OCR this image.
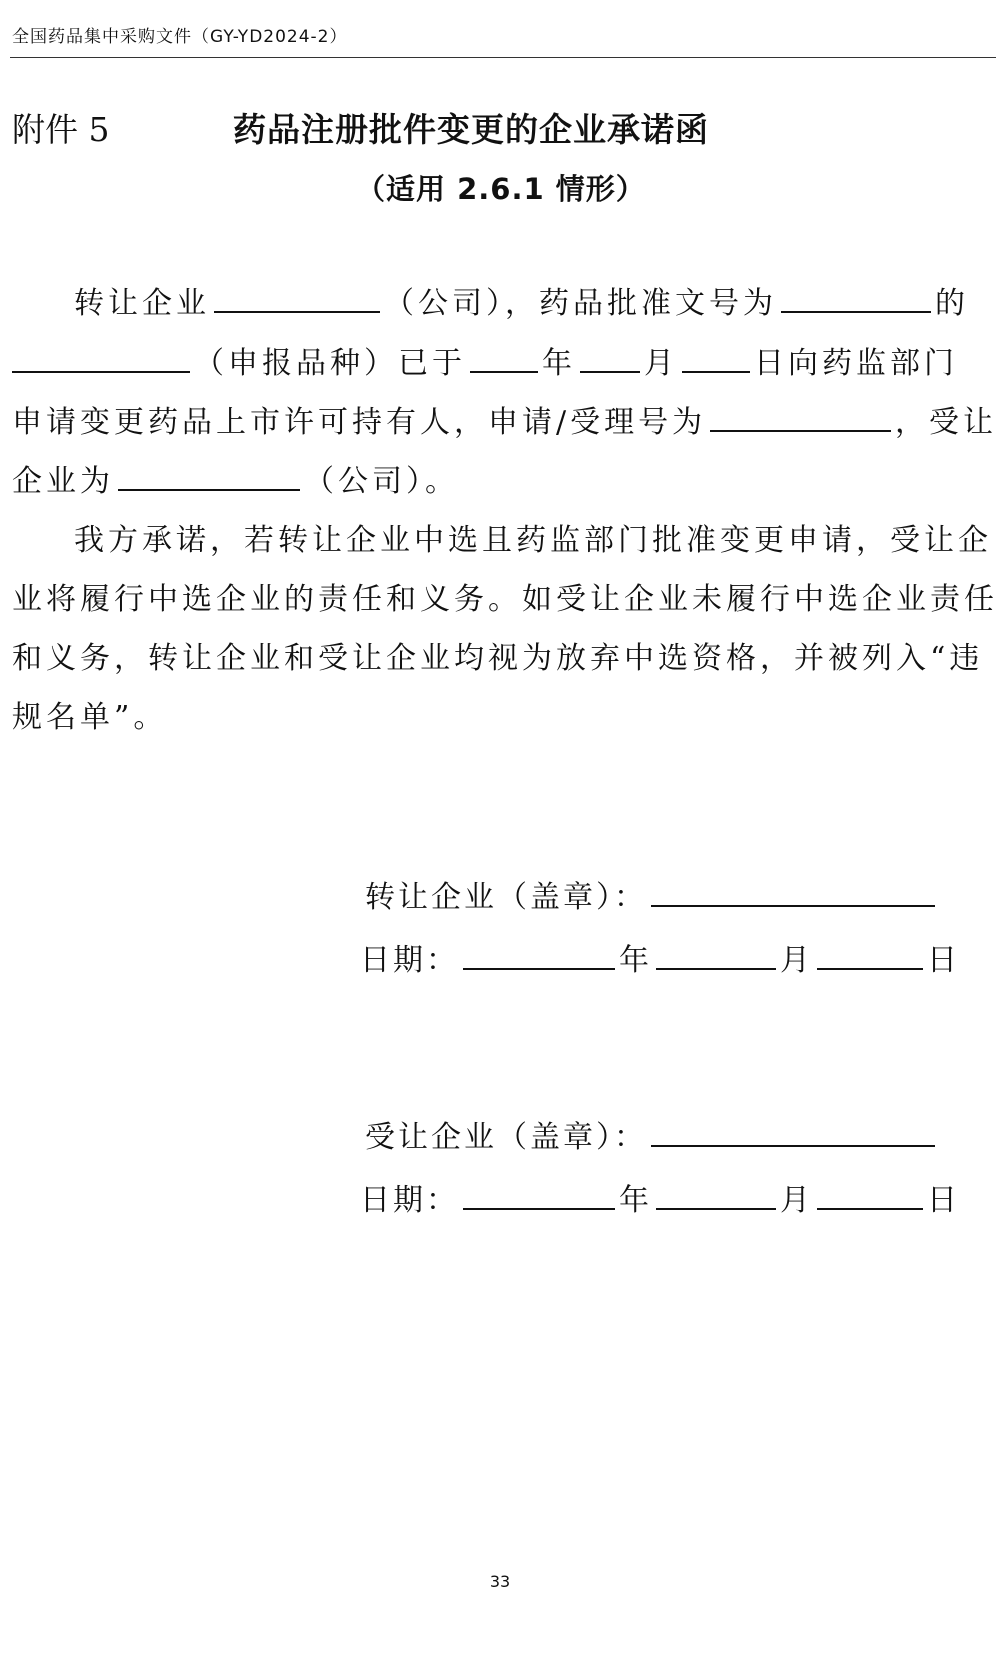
全国药品集中采购文件（GY-YD2024-2）
附件 5	药品注册批件变更的企业承诺函
（适用 2.6.1 情形）
转让企业	（公司），药品批准文号为	的
（申报品种）已于	年 月	日向药监部门
申请变更药品上市许可持有人，申请/受理号为	，受让
企业为	（公司）。
我方承诺，若转让企业中选且药监部门批准变更申请，受让企
业将履行中选企业的责任和义务。如受让企业未履行中选企业责任
和义务，转让企业和受让企业均视为放弃中选资格，并被列入“违
规名单”。
转让企业（盖章）：
日期：	年	月	日
受让企业（盖章）：
日期：	年	月	日
33
